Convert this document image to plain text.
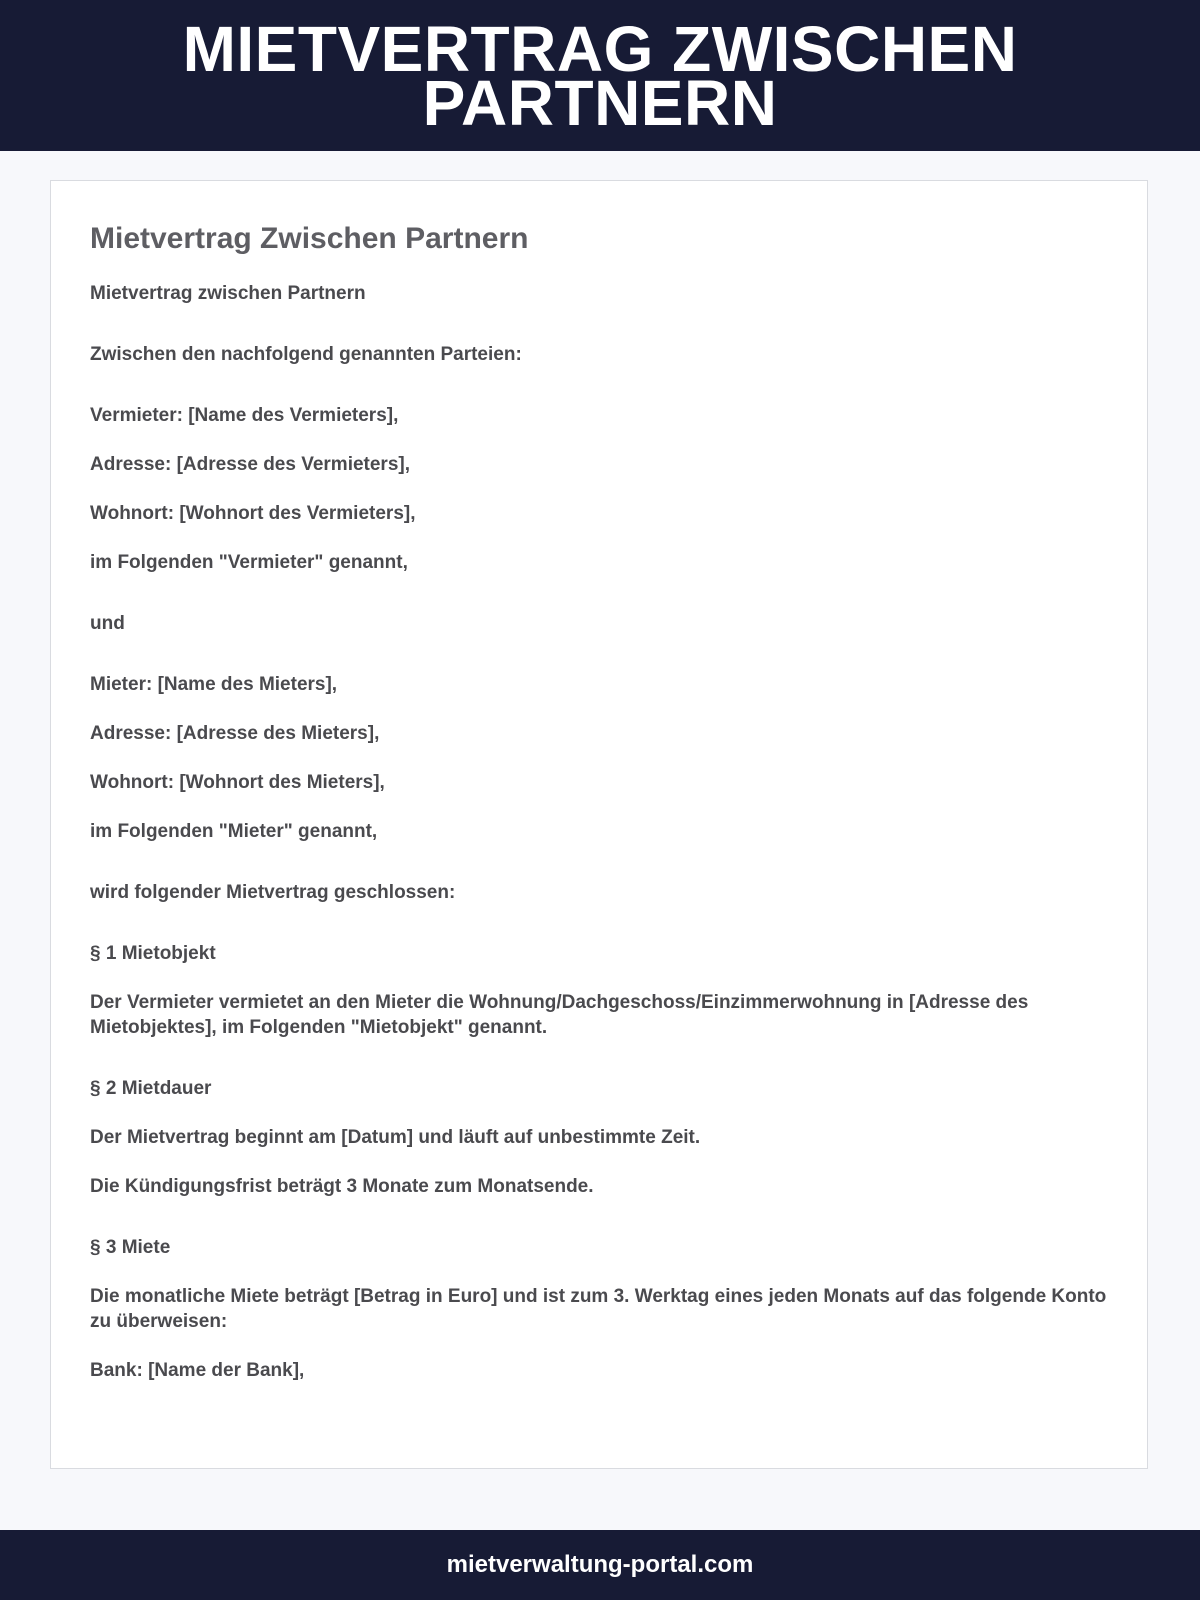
MIETVERTRAG ZWISCHEN PARTNERN
Mietvertrag Zwischen Partnern

Mietvertrag zwischen Partnern

Zwischen den nachfolgend genannten Parteien:

Vermieter: [Name des Vermieters],

Adresse: [Adresse des Vermieters],

Wohnort: [Wohnort des Vermieters],

im Folgenden "Vermieter" genannt,

und

Mieter: [Name des Mieters],

Adresse: [Adresse des Mieters],

Wohnort: [Wohnort des Mieters],

im Folgenden "Mieter" genannt,

wird folgender Mietvertrag geschlossen:

§ 1 Mietobjekt

Der Vermieter vermietet an den Mieter die Wohnung/Dachgeschoss/Einzimmerwohnung in [Adresse des Mietobjektes], im Folgenden "Mietobjekt" genannt.

§ 2 Mietdauer

Der Mietvertrag beginnt am [Datum] und läuft auf unbestimmte Zeit.

Die Kündigungsfrist beträgt 3 Monate zum Monatsende.

§ 3 Miete

Die monatliche Miete beträgt [Betrag in Euro] und ist zum 3. Werktag eines jeden Monats auf das folgende Konto zu überweisen:

Bank: [Name der Bank],

mietverwaltung-portal.com
